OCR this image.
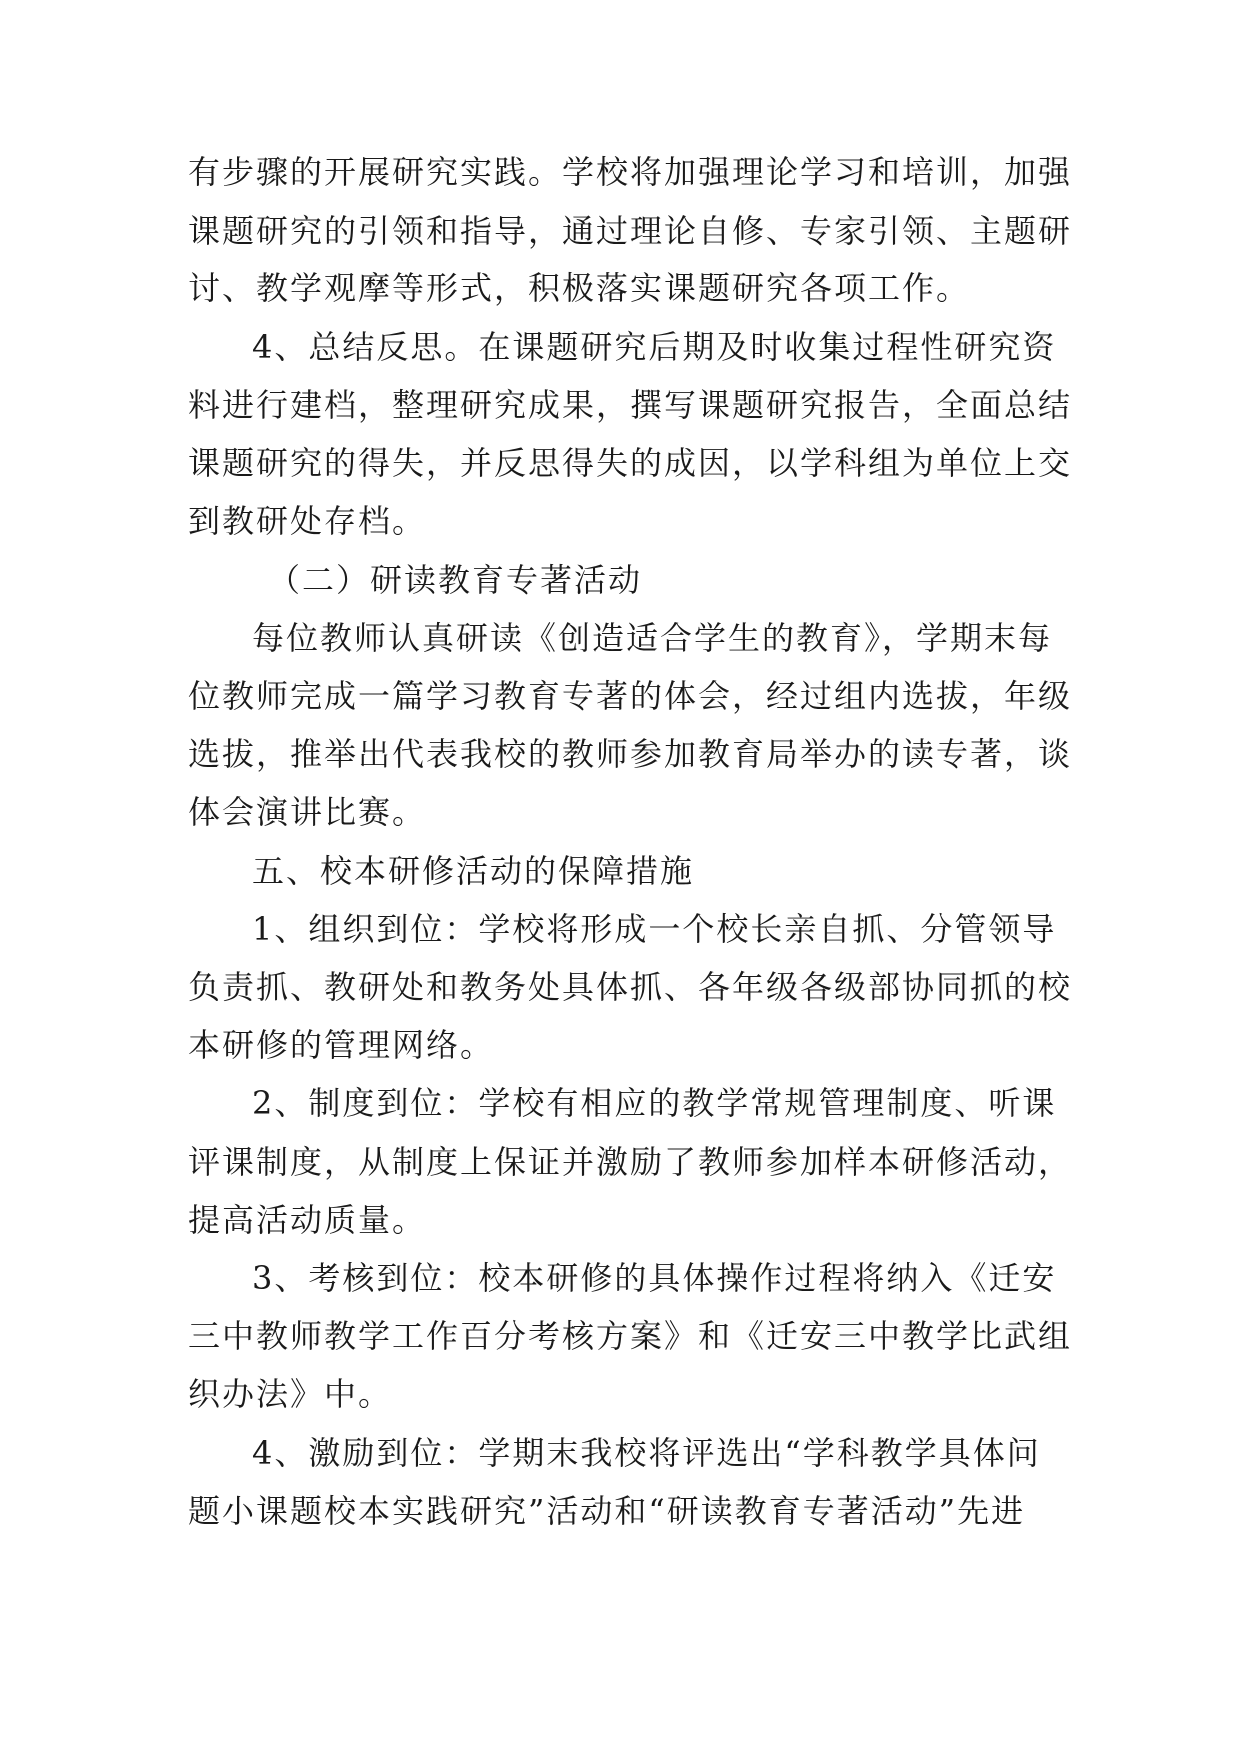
有步骤的开展研究实践。学校将加强理论学习和培训，加强
课题研究的引领和指导，通过理论自修、专家引领、主题研
讨、教学观摩等形式，积极落实课题研究各项工作。
4、总结反思。在课题研究后期及时收集过程性研究资
料进行建档，整理研究成果，撰写课题研究报告，全面总结
课题研究的得失，并反思得失的成因，以学科组为单位上交
到教研处存档。
（二）研读教育专著活动
每位教师认真研读《创造适合学生的教育》，学期末每
位教师完成一篇学习教育专著的体会，经过组内选拔，年级
选拔，推举出代表我校的教师参加教育局举办的读专著，谈
体会演讲比赛。
五、校本研修活动的保障措施
1、组织到位：学校将形成一个校长亲自抓、分管领导
负责抓、教研处和教务处具体抓、各年级各级部协同抓的校
本研修的管理网络。
2、制度到位：学校有相应的教学常规管理制度、听课
评课制度，从制度上保证并激励了教师参加样本研修活动，
提高活动质量。
3、考核到位：校本研修的具体操作过程将纳入《迁安
三中教师教学工作百分考核方案》和《迁安三中教学比武组
织办法》中。
4、激励到位：学期末我校将评选出“学科教学具体问
题小课题校本实践研究”活动和“研读教育专著活动”先进
